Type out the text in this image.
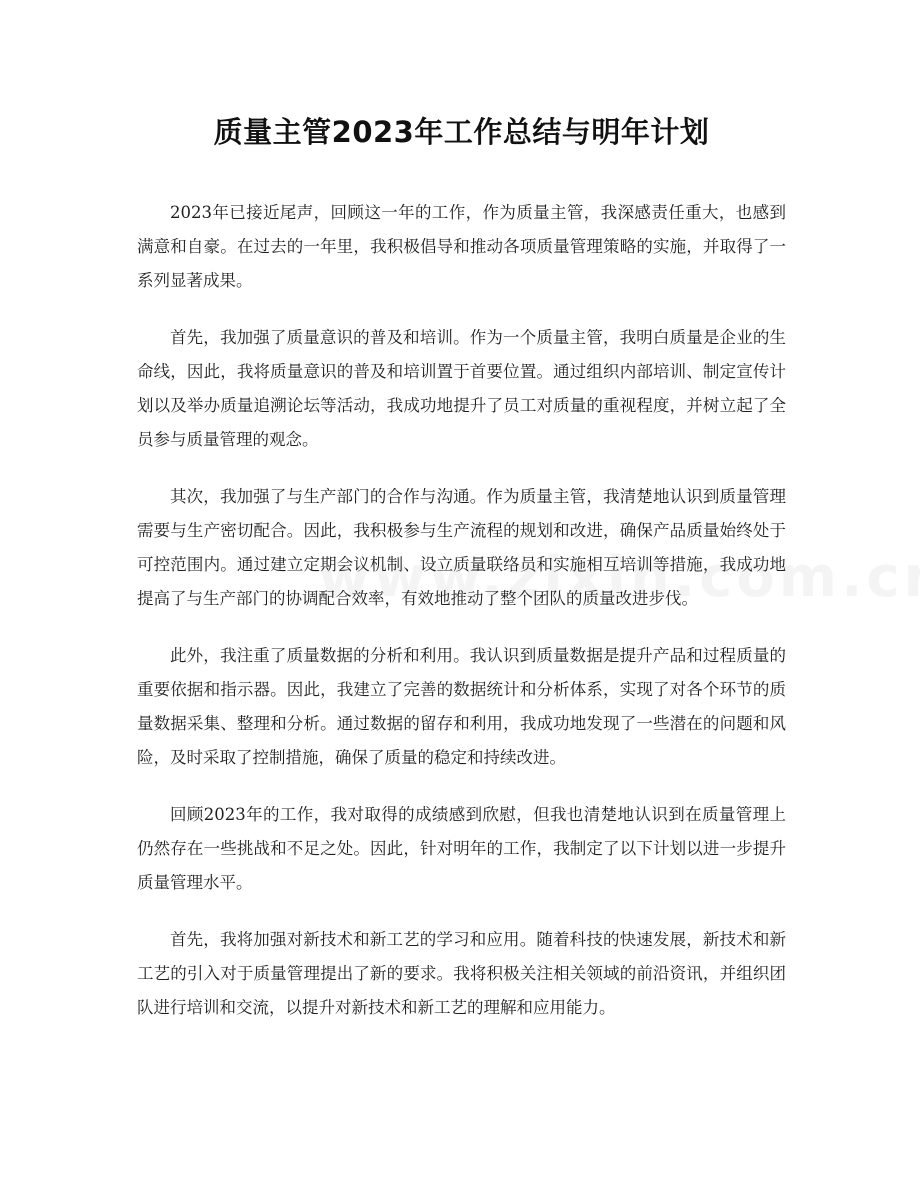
质量主管2023年工作总结与明年计划

2023年已接近尾声，回顾这一年的工作，作为质量主管，我深感责任重大，也感到满意和自豪。在过去的一年里，我积极倡导和推动各项质量管理策略的实施，并取得了一系列显著成果。

首先，我加强了质量意识的普及和培训。作为一个质量主管，我明白质量是企业的生命线，因此，我将质量意识的普及和培训置于首要位置。通过组织内部培训、制定宣传计划以及举办质量追溯论坛等活动，我成功地提升了员工对质量的重视程度，并树立起了全员参与质量管理的观念。

其次，我加强了与生产部门的合作与沟通。作为质量主管，我清楚地认识到质量管理需要与生产密切配合。因此，我积极参与生产流程的规划和改进，确保产品质量始终处于可控范围内。通过建立定期会议机制、设立质量联络员和实施相互培训等措施，我成功地提高了与生产部门的协调配合效率，有效地推动了整个团队的质量改进步伐。

此外，我注重了质量数据的分析和利用。我认识到质量数据是提升产品和过程质量的重要依据和指示器。因此，我建立了完善的数据统计和分析体系，实现了对各个环节的质量数据采集、整理和分析。通过数据的留存和利用，我成功地发现了一些潜在的问题和风险，及时采取了控制措施，确保了质量的稳定和持续改进。

回顾2023年的工作，我对取得的成绩感到欣慰，但我也清楚地认识到在质量管理上仍然存在一些挑战和不足之处。因此，针对明年的工作，我制定了以下计划以进一步提升质量管理水平。

首先，我将加强对新技术和新工艺的学习和应用。随着科技的快速发展，新技术和新工艺的引入对于质量管理提出了新的要求。我将积极关注相关领域的前沿资讯，并组织团队进行培训和交流，以提升对新技术和新工艺的理解和应用能力。
